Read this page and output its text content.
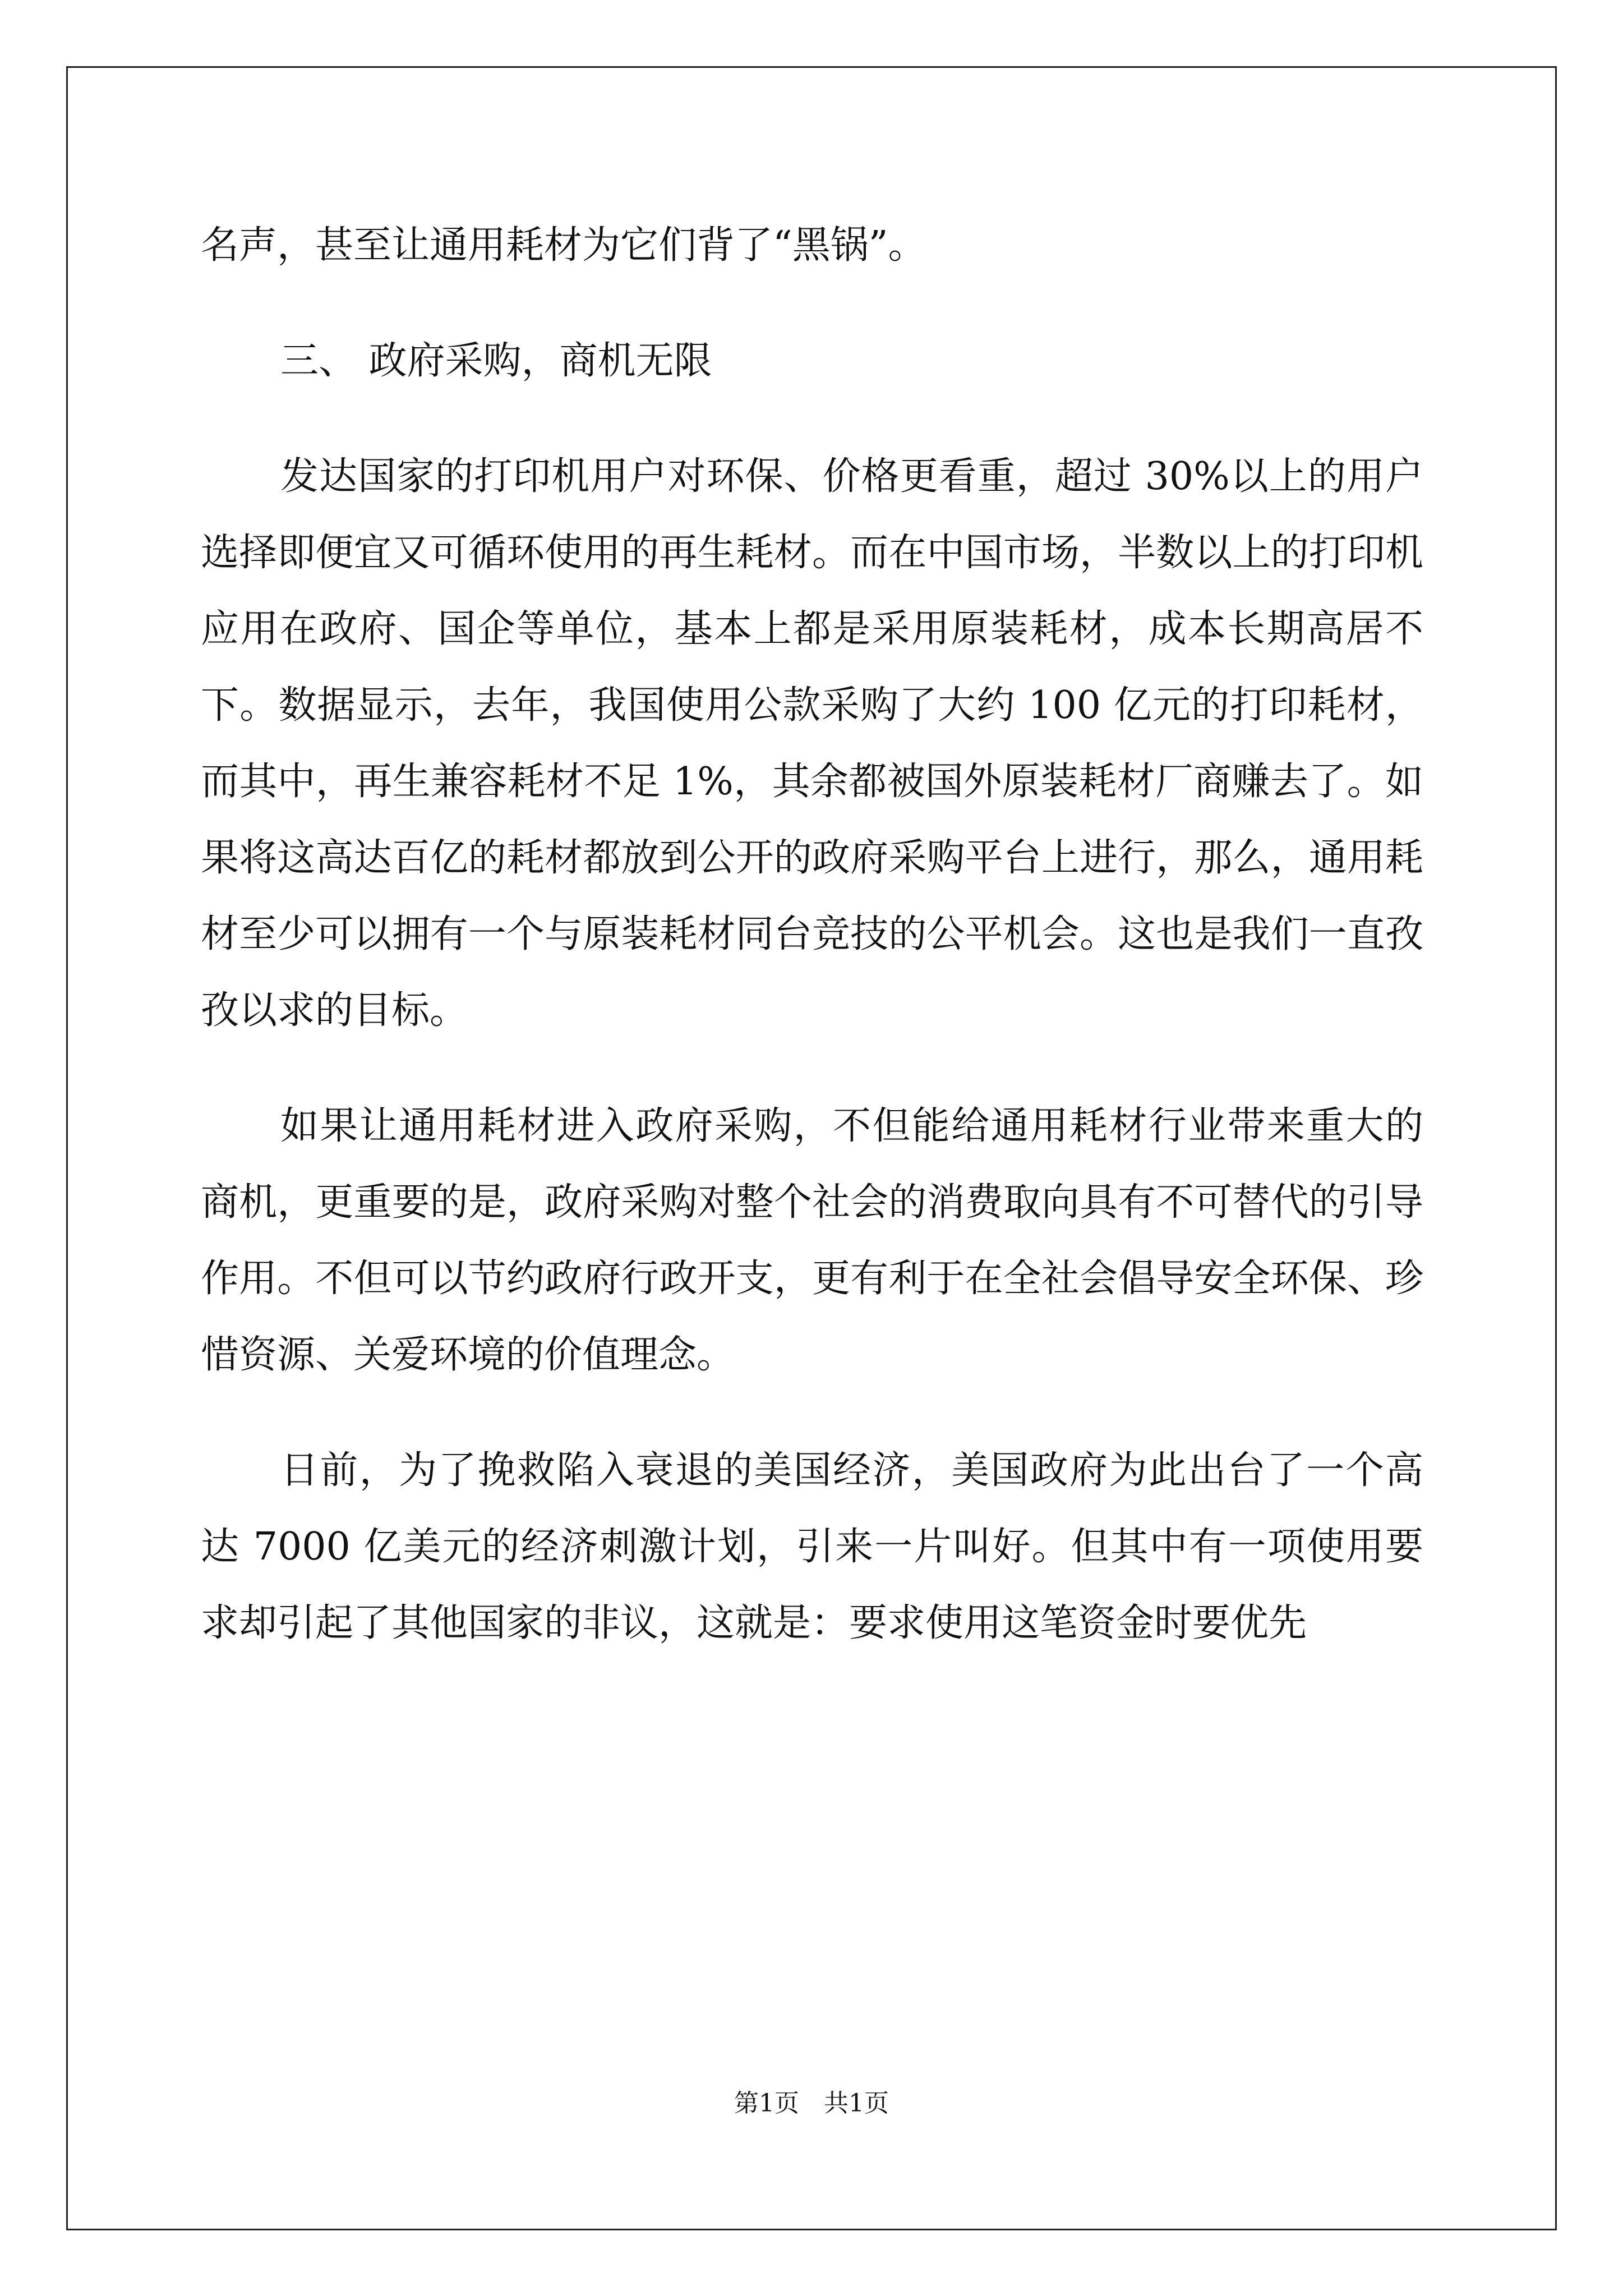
名声，甚至让通用耗材为它们背了“黑锅”。

三、 政府采购，商机无限

发达国家的打印机用户对环保、价格更看重，超过 30%以上的用户选择即便宜又可循环使用的再生耗材。而在中国市场，半数以上的打印机应用在政府、国企等单位，基本上都是采用原装耗材，成本长期高居不下。数据显示，去年，我国使用公款采购了大约 100 亿元的打印耗材，而其中，再生兼容耗材不足 1%，其余都被国外原装耗材厂商赚去了。如果将这高达百亿的耗材都放到公开的政府采购平台上进行，那么，通用耗材至少可以拥有一个与原装耗材同台竞技的公平机会。这也是我们一直孜孜以求的目标。

如果让通用耗材进入政府采购，不但能给通用耗材行业带来重大的商机，更重要的是，政府采购对整个社会的消费取向具有不可替代的引导作用。不但可以节约政府行政开支，更有利于在全社会倡导安全环保、珍惜资源、关爱环境的价值理念。

日前，为了挽救陷入衰退的美国经济，美国政府为此出台了一个高达 7000 亿美元的经济刺激计划，引来一片叫好。但其中有一项使用要求却引起了其他国家的非议，这就是：要求使用这笔资金时要优先

第1页　共1页
